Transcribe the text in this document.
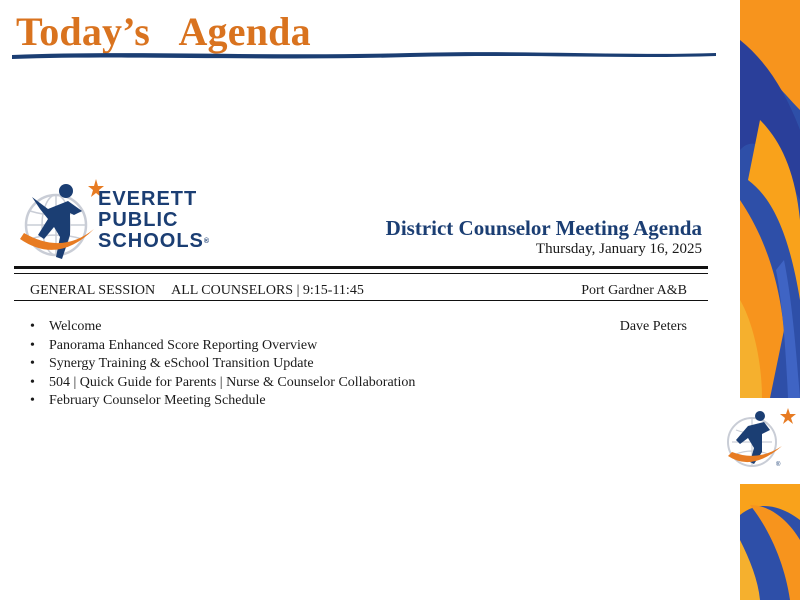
Today’s   Agenda
®
EVERETT
PUBLIC
SCHOOLS®
District Counselor Meeting Agenda
Thursday, January 16, 2025
GENERAL SESSION ALL COUNSELORS | 9:15-11:45	Port Gardner A&B
• Welcome	Dave Peters
• Panorama Enhanced Score Reporting Overview
• Synergy Training & eSchool Transition Update
• 504 | Quick Guide for Parents | Nurse & Counselor Collaboration
• February Counselor Meeting Schedule
